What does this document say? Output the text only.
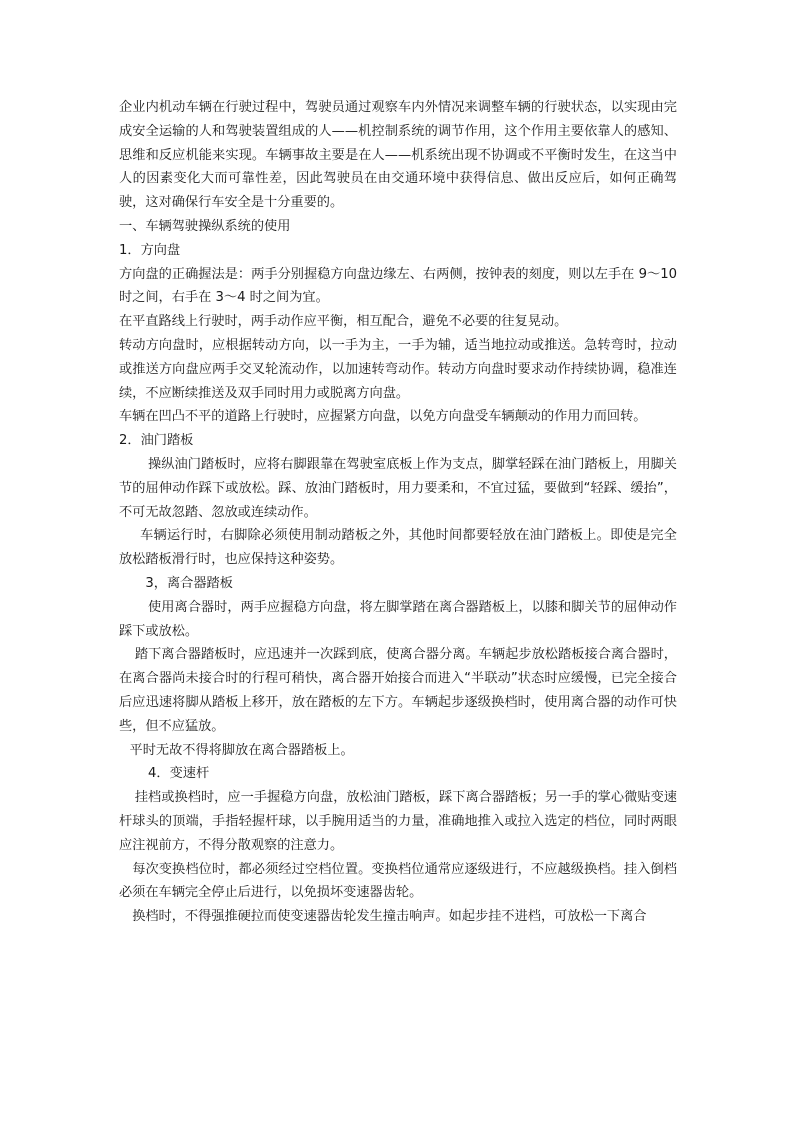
企业内机动车辆在行驶过程中，驾驶员通过观察车内外情况来调整车辆的行驶状态，以实现由完成安全运输的人和驾驶装置组成的人——机控制系统的调节作用，这个作用主要依靠人的感知、思维和反应机能来实现。车辆事故主要是在人——机系统出现不协调或不平衡时发生，在这当中人的因素变化大而可靠性差，因此驾驶员在由交通环境中获得信息、做出反应后，如何正确驾驶，这对确保行车安全是十分重要的。

一、车辆驾驶操纵系统的使用

1．方向盘

方向盘的正确握法是：两手分别握稳方向盘边缘左、右两侧，按钟表的刻度，则以左手在 9～10 时之间，右手在 3～4 时之间为宜。

在平直路线上行驶时，两手动作应平衡，相互配合，避免不必要的往复晃动。

转动方向盘时，应根据转动方向，以一手为主，一手为辅，适当地拉动或推送。急转弯时，拉动或推送方向盘应两手交叉轮流动作，以加速转弯动作。转动方向盘时要求动作持续协调，稳准连续，不应断续推送及双手同时用力或脱离方向盘。

车辆在凹凸不平的道路上行驶时，应握紧方向盘，以免方向盘受车辆颠动的作用力而回转。

2．油门踏板

操纵油门踏板时，应将右脚跟靠在驾驶室底板上作为支点，脚掌轻踩在油门踏板上，用脚关节的屈伸动作踩下或放松。踩、放油门踏板时，用力要柔和，不宜过猛，要做到“轻踩、缓抬”，不可无故忽踏、忽放或连续动作。

车辆运行时，右脚除必须使用制动踏板之外，其他时间都要轻放在油门踏板上。即使是完全放松踏板滑行时，也应保持这种姿势。

3，离合器踏板

使用离合器时，两手应握稳方向盘，将左脚掌踏在离合器踏板上，以膝和脚关节的屈伸动作踩下或放松。

踏下离合器踏板时，应迅速并一次踩到底，使离合器分离。车辆起步放松踏板接合离合器时，在离合器尚未接合时的行程可稍快，离合器开始接合而进入“半联动”状态时应缓慢，已完全接合后应迅速将脚从踏板上移开，放在踏板的左下方。车辆起步逐级换档时，使用离合器的动作可快些，但不应猛放。

平时无故不得将脚放在离合器踏板上。

4．变速杆

挂档或换档时，应一手握稳方向盘，放松油门踏板，踩下离合器踏板；另一手的掌心微贴变速杆球头的顶端，手指轻握杆球，以手腕用适当的力量，准确地推入或拉入选定的档位，同时两眼应注视前方，不得分散观察的注意力。

每次变换档位时，都必须经过空档位置。变换档位通常应逐级进行，不应越级换档。挂入倒档必须在车辆完全停止后进行，以免损坏变速器齿轮。

换档时，不得强推硬拉而使变速器齿轮发生撞击响声。如起步挂不进档，可放松一下离合
